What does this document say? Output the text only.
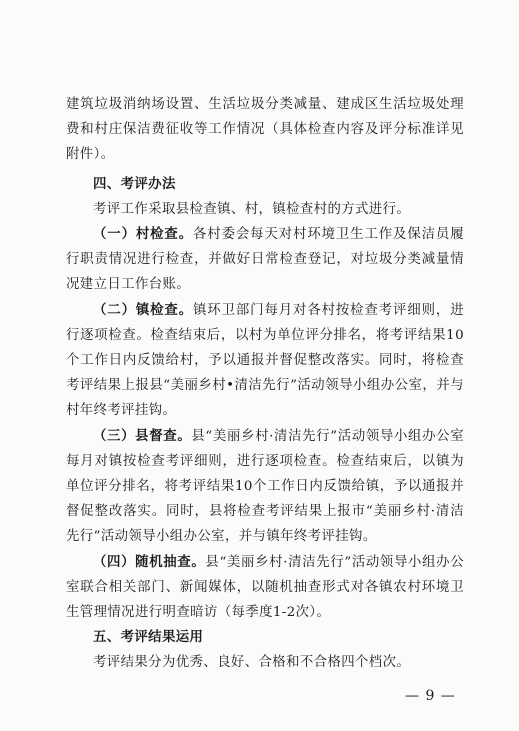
建筑垃圾消纳场设置、生活垃圾分类减量、建成区生活垃圾处理费和村庄保洁费征收等工作情况（具体检查内容及评分标准详见附件）。

四、考评办法

考评工作采取县检查镇、村，镇检查村的方式进行。

（一）村检查。各村委会每天对村环境卫生工作及保洁员履行职责情况进行检查，并做好日常检查登记，对垃圾分类减量情况建立日工作台账。

（二）镇检查。镇环卫部门每月对各村按检查考评细则，进行逐项检查。检查结束后，以村为单位评分排名，将考评结果10个工作日内反馈给村，予以通报并督促整改落实。同时，将检查考评结果上报县“美丽乡村•清洁先行”活动领导小组办公室，并与村年终考评挂钩。

（三）县督查。县“美丽乡村·清洁先行”活动领导小组办公室每月对镇按检查考评细则，进行逐项检查。检查结束后，以镇为单位评分排名，将考评结果10个工作日内反馈给镇，予以通报并督促整改落实。同时，县将检查考评结果上报市“美丽乡村·清洁先行”活动领导小组办公室，并与镇年终考评挂钩。

（四）随机抽查。县“美丽乡村·清洁先行”活动领导小组办公室联合相关部门、新闻媒体，以随机抽查形式对各镇农村环境卫生管理情况进行明查暗访（每季度1-2次）。

五、考评结果运用

考评结果分为优秀、良好、合格和不合格四个档次。

— 9 —
